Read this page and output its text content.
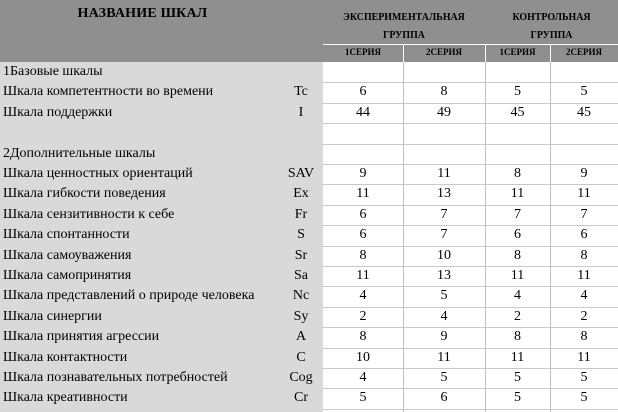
НАЗВАНИЕ ШКАЛ	ЭКСПЕРИМЕНТАЛЬНАЯ
ГРУППА
КОНТРОЛЬНАЯ
ГРУППА
1СЕРИЯ	2СЕРИЯ	1СЕРИЯ	2СЕРИЯ
1Базовые шкалы
Шкала компетентности во времени	Tc	6	8	5	5
Шкала поддержки	I	44	49	45	45
2Дополнительные шкалы
Шкала ценностных ориентаций	SAV	9	11	8	9
Шкала гибкости поведения	Ex	11	13	11	11
Шкала сензитивности к себе	Fr	6	7	7	7
Шкала спонтанности	S	6	7	6	6
Шкала самоуважения	Sr	8	10	8	8
Шкала самопринятия	Sa	11	13	11	11
Шкала представлений о природе человека	Nc	4	5	4	4
Шкала синергии	Sy	2	4	2	2
Шкала принятия агрессии	A	8	9	8	8
Шкала контактности	C	10	11	11	11
Шкала познавательных потребностей	Cog	4	5	5	5
Шкала креативности	Cr	5	6	5	5
